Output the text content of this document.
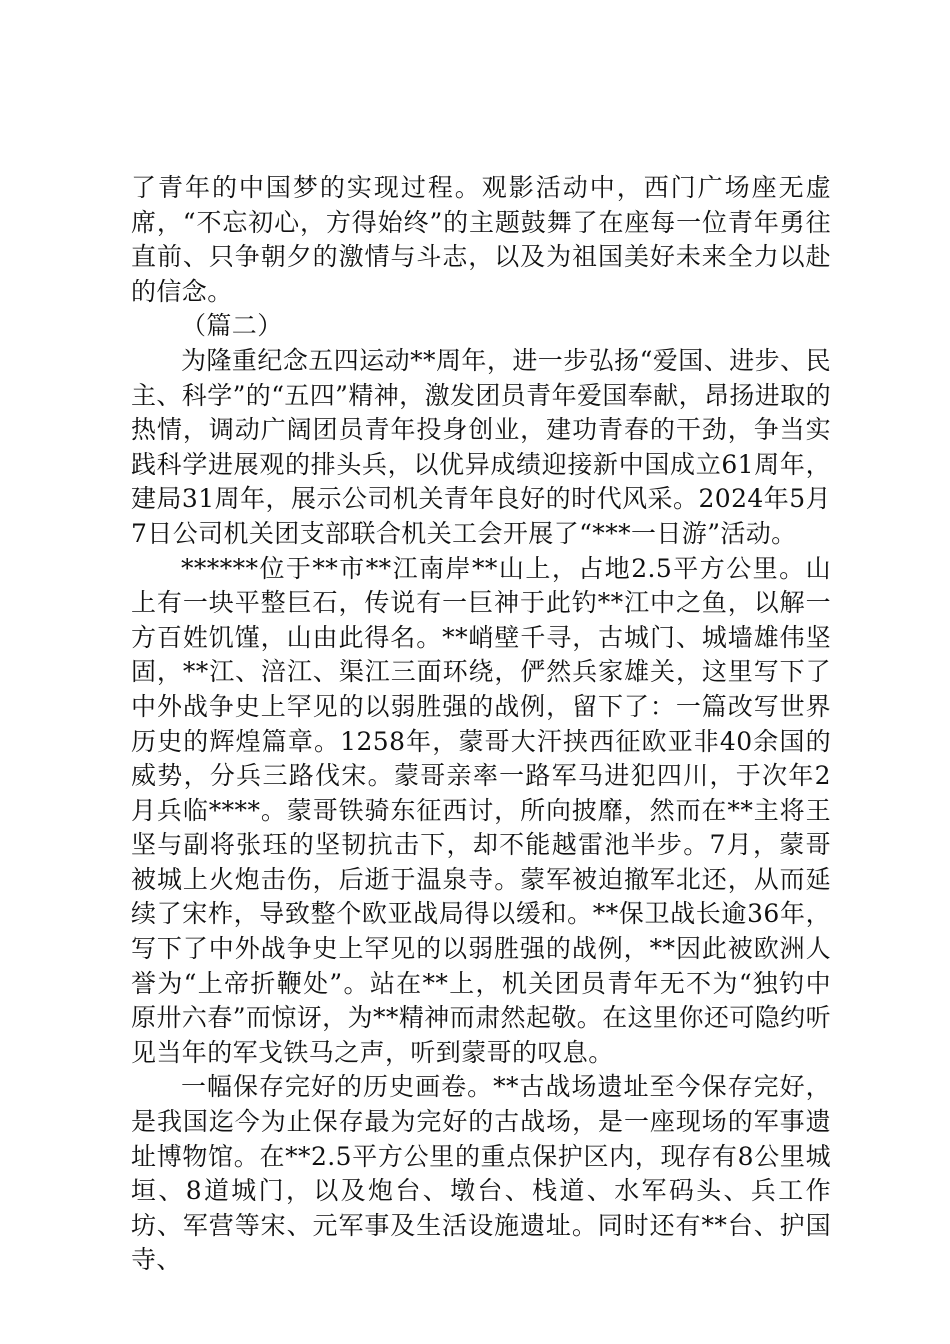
了青年的中国梦的实现过程。观影活动中，西门广场座无虚席，“不忘初心，方得始终”的主题鼓舞了在座每一位青年勇往直前、只争朝夕的激情与斗志，以及为祖国美好未来全力以赴的信念。

（篇二）

为隆重纪念五四运动**周年，进一步弘扬“爱国、进步、民主、科学”的“五四”精神，激发团员青年爱国奉献，昂扬进取的热情，调动广阔团员青年投身创业，建功青春的干劲，争当实践科学进展观的排头兵，以优异成绩迎接新中国成立61周年，建局31周年，展示公司机关青年良好的时代风采。2024年5月7日公司机关团支部联合机关工会开展了“***一日游”活动。

******位于**市**江南岸**山上，占地2.5平方公里。山上有一块平整巨石，传说有一巨神于此钓**江中之鱼，以解一方百姓饥馑，山由此得名。**峭壁千寻，古城门、城墙雄伟坚固，**江、涪江、渠江三面环绕，俨然兵家雄关，这里写下了中外战争史上罕见的以弱胜强的战例，留下了：一篇改写世界历史的辉煌篇章。1258年，蒙哥大汗挟西征欧亚非40余国的威势，分兵三路伐宋。蒙哥亲率一路军马进犯四川，于次年2月兵临****。蒙哥铁骑东征西讨，所向披靡，然而在**主将王坚与副将张珏的坚韧抗击下，却不能越雷池半步。7月，蒙哥被城上火炮击伤，后逝于温泉寺。蒙军被迫撤军北还，从而延续了宋柞，导致整个欧亚战局得以缓和。**保卫战长逾36年，写下了中外战争史上罕见的以弱胜强的战例，**因此被欧洲人誉为“上帝折鞭处”。站在**上，机关团员青年无不为“独钓中原卅六春”而惊讶，为**精神而肃然起敬。在这里你还可隐约听见当年的军戈铁马之声，听到蒙哥的叹息。

一幅保存完好的历史画卷。**古战场遗址至今保存完好，是我国迄今为止保存最为完好的古战场，是一座现场的军事遗址博物馆。在**2.5平方公里的重点保护区内，现存有8公里城垣、8道城门，以及炮台、墩台、栈道、水军码头、兵工作坊、军营等宋、元军事及生活设施遗址。同时还有**台、护国寺、
